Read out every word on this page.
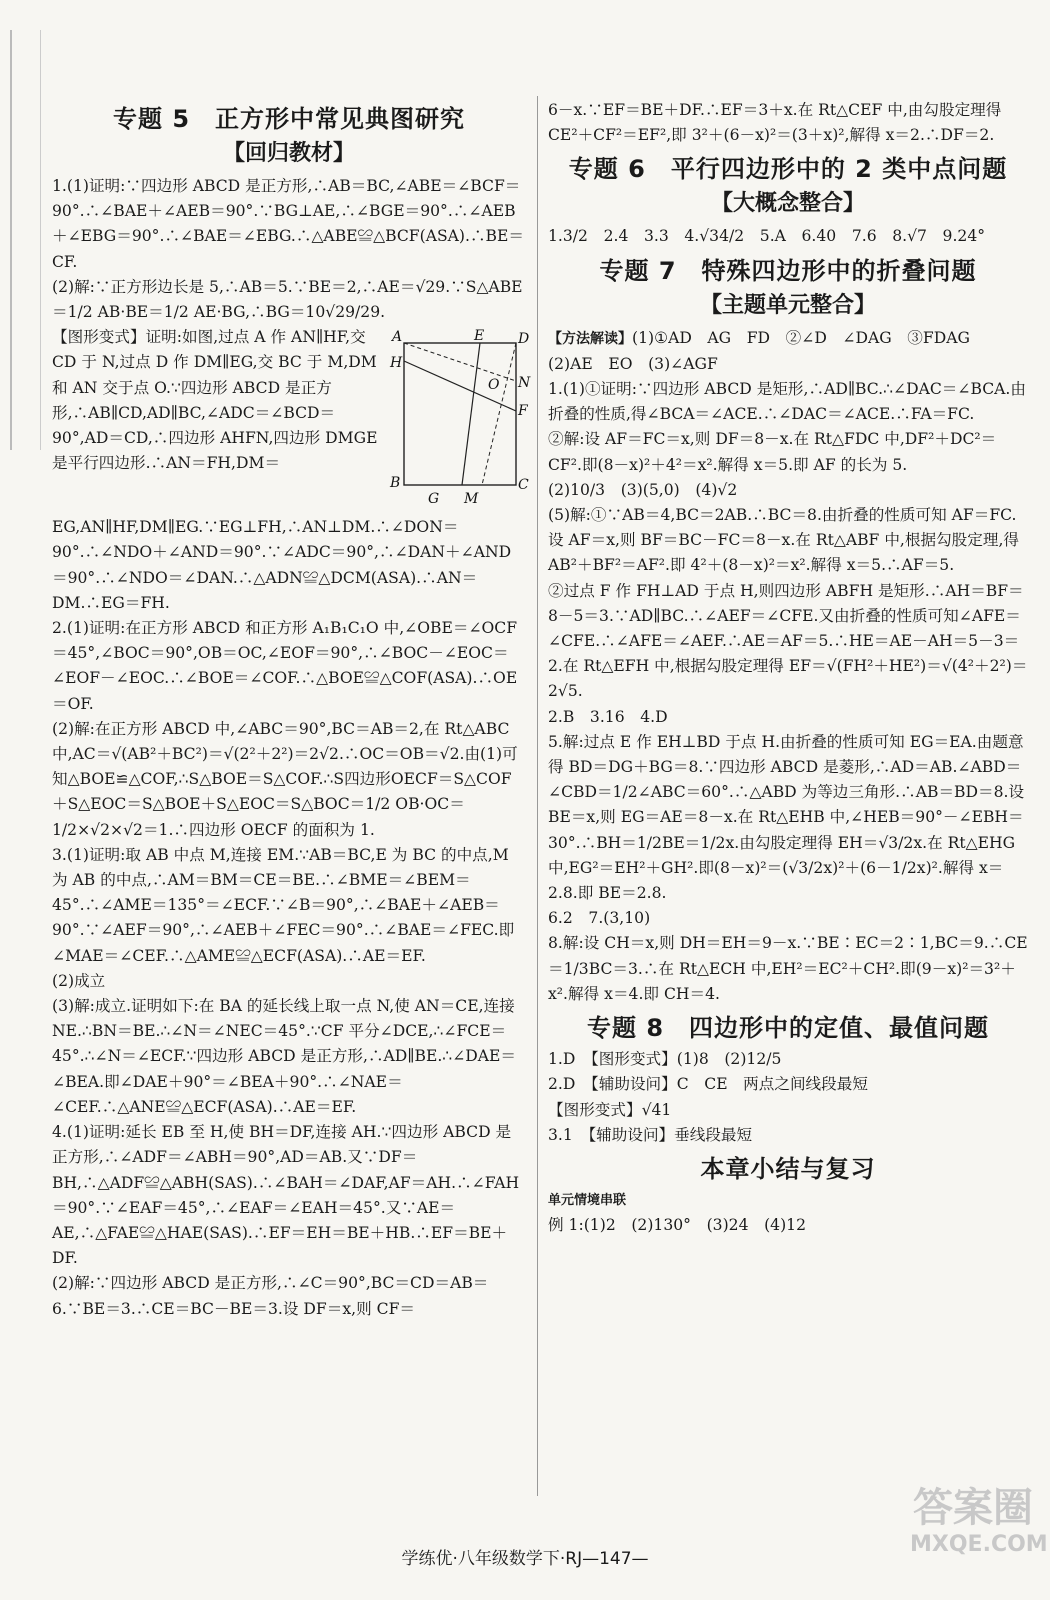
专题 5　正方形中常见典图研究
【回归教材】

1.(1)证明:∵四边形 ABCD 是正方形,∴AB＝BC,∠ABE＝∠BCF＝90°.∴∠BAE＋∠AEB＝90°.∵BG⊥AE,∴∠BGE＝90°.∴∠AEB＋∠EBG＝90°.∴∠BAE＝∠EBG.∴△ABE≌△BCF(ASA).∴BE＝CF.

(2)解:∵正方形边长是 5,∴AB＝5.∵BE＝2,∴AE＝√29.∵S△ABE＝1/2 AB·BE＝1/2 AE·BG,∴BG＝10√29/29.

A	E D
H
O N
F
B
G M
C

【图形变式】证明:如图,过点 A 作 AN∥HF,交 CD 于 N,过点 D 作 DM∥EG,交 BC 于 M,DM 和 AN 交于点 O.∵四边形 ABCD 是正方形,∴AB∥CD,AD∥BC,∠ADC＝∠BCD＝90°,AD＝CD,∴四边形 AHFN,四边形 DMGE 是平行四边形.∴AN＝FH,DM＝EG,AN∥HF,DM∥EG.∵EG⊥FH,∴AN⊥DM.∴∠DON＝90°.∴∠NDO＋∠AND＝90°.∵∠ADC＝90°,∴∠DAN＋∠AND＝90°.∴∠NDO＝∠DAN.∴△ADN≌△DCM(ASA).∴AN＝DM.∴EG＝FH.

2.(1)证明:在正方形 ABCD 和正方形 A₁B₁C₁O 中,∠OBE＝∠OCF＝45°,∠BOC＝90°,OB＝OC,∠EOF＝90°,∴∠BOC－∠EOC＝∠EOF－∠EOC.∴∠BOE＝∠COF.∴△BOE≌△COF(ASA).∴OE＝OF.

(2)解:在正方形 ABCD 中,∠ABC＝90°,BC＝AB＝2,在 Rt△ABC 中,AC＝√(AB²＋BC²)＝√(2²＋2²)＝2√2.∴OC＝OB＝√2.由(1)可知△BOE≌△COF,∴S△BOE＝S△COF.∴S四边形OECF＝S△COF＋S△EOC＝S△BOE＋S△EOC＝S△BOC＝1/2 OB·OC＝1/2×√2×√2＝1.∴四边形 OECF 的面积为 1.

3.(1)证明:取 AB 中点 M,连接 EM.∵AB＝BC,E 为 BC 的中点,M 为 AB 的中点,∴AM＝BM＝CE＝BE.∴∠BME＝∠BEM＝45°.∴∠AME＝135°＝∠ECF.∵∠B＝90°,∴∠BAE＋∠AEB＝90°.∵∠AEF＝90°,∴∠AEB＋∠FEC＝90°.∴∠BAE＝∠FEC.即∠MAE＝∠CEF.∴△AME≌△ECF(ASA).∴AE＝EF.

(2)成立

(3)解:成立.证明如下:在 BA 的延长线上取一点 N,使 AN＝CE,连接 NE.∴BN＝BE.∴∠N＝∠NEC＝45°.∵CF 平分∠DCE,∴∠FCE＝45°.∴∠N＝∠ECF.∵四边形 ABCD 是正方形,∴AD∥BE.∴∠DAE＝∠BEA.即∠DAE＋90°＝∠BEA＋90°.∴∠NAE＝∠CEF.∴△ANE≌△ECF(ASA).∴AE＝EF.

4.(1)证明:延长 EB 至 H,使 BH＝DF,连接 AH.∵四边形 ABCD 是正方形,∴∠ADF＝∠ABH＝90°,AD＝AB.又∵DF＝BH,∴△ADF≌△ABH(SAS).∴∠BAH＝∠DAF,AF＝AH.∴∠FAH＝90°.∵∠EAF＝45°,∴∠EAF＝∠EAH＝45°.又∵AE＝AE,∴△FAE≌△HAE(SAS).∴EF＝EH＝BE＋HB.∴EF＝BE＋DF.

(2)解:∵四边形 ABCD 是正方形,∴∠C＝90°,BC＝CD＝AB＝6.∵BE＝3.∴CE＝BC－BE＝3.设 DF＝x,则 CF＝

6－x.∵EF＝BE＋DF.∴EF＝3＋x.在 Rt△CEF 中,由勾股定理得 CE²＋CF²＝EF²,即 3²＋(6－x)²＝(3＋x)²,解得 x＝2.∴DF＝2.

专题 6　平行四边形中的 2 类中点问题
【大概念整合】

1.3/2　2.4　3.3　4.√34/2　5.A　6.40　7.6　8.√7　9.24°

专题 7　特殊四边形中的折叠问题
【主题单元整合】

【方法解读】(1)①AD　AG　FD　②∠D　∠DAG　③FDAG　(2)AE　EO　(3)∠AGF

1.(1)①证明:∵四边形 ABCD 是矩形,∴AD∥BC.∴∠DAC＝∠BCA.由折叠的性质,得∠BCA＝∠ACE.∴∠DAC＝∠ACE.∴FA＝FC.

②解:设 AF＝FC＝x,则 DF＝8－x.在 Rt△FDC 中,DF²＋DC²＝CF².即(8－x)²＋4²＝x².解得 x＝5.即 AF 的长为 5.

(2)10/3　(3)(5,0)　(4)√2

(5)解:①∵AB＝4,BC＝2AB.∴BC＝8.由折叠的性质可知 AF＝FC.设 AF＝x,则 BF＝BC－FC＝8－x.在 Rt△ABF 中,根据勾股定理,得 AB²＋BF²＝AF².即 4²＋(8－x)²＝x².解得 x＝5.∴AF＝5.

②过点 F 作 FH⊥AD 于点 H,则四边形 ABFH 是矩形.∴AH＝BF＝8－5＝3.∵AD∥BC.∴∠AEF＝∠CFE.又由折叠的性质可知∠AFE＝∠CFE.∴∠AFE＝∠AEF.∴AE＝AF＝5.∴HE＝AE－AH＝5－3＝2.在 Rt△EFH 中,根据勾股定理得 EF＝√(FH²＋HE²)＝√(4²＋2²)＝2√5.

2.B　3.16　4.D

5.解:过点 E 作 EH⊥BD 于点 H.由折叠的性质可知 EG＝EA.由题意得 BD＝DG＋BG＝8.∵四边形 ABCD 是菱形,∴AD＝AB.∠ABD＝∠CBD＝1/2∠ABC＝60°.∴△ABD 为等边三角形.∴AB＝BD＝8.设 BE＝x,则 EG＝AE＝8－x.在 Rt△EHB 中,∠HEB＝90°－∠EBH＝30°.∴BH＝1/2BE＝1/2x.由勾股定理得 EH＝√3/2x.在 Rt△EHG 中,EG²＝EH²＋GH².即(8－x)²＝(√3/2x)²＋(6－1/2x)².解得 x＝2.8.即 BE＝2.8.

6.2　7.(3,10)

8.解:设 CH＝x,则 DH＝EH＝9－x.∵BE∶EC＝2∶1,BC＝9.∴CE＝1/3BC＝3.∴在 Rt△ECH 中,EH²＝EC²＋CH².即(9－x)²＝3²＋x².解得 x＝4.即 CH＝4.

专题 8　四边形中的定值、最值问题

1.D　【图形变式】(1)8　(2)12/5

2.D　【辅助设问】C　CE　两点之间线段最短

【图形变式】√41

3.1　【辅助设问】垂线段最短

本章小结与复习

单元情境串联

例 1:(1)2　(2)130°　(3)24　(4)12

学练优·八年级数学下·RJ—147—
答案圈
MXQE.COM
